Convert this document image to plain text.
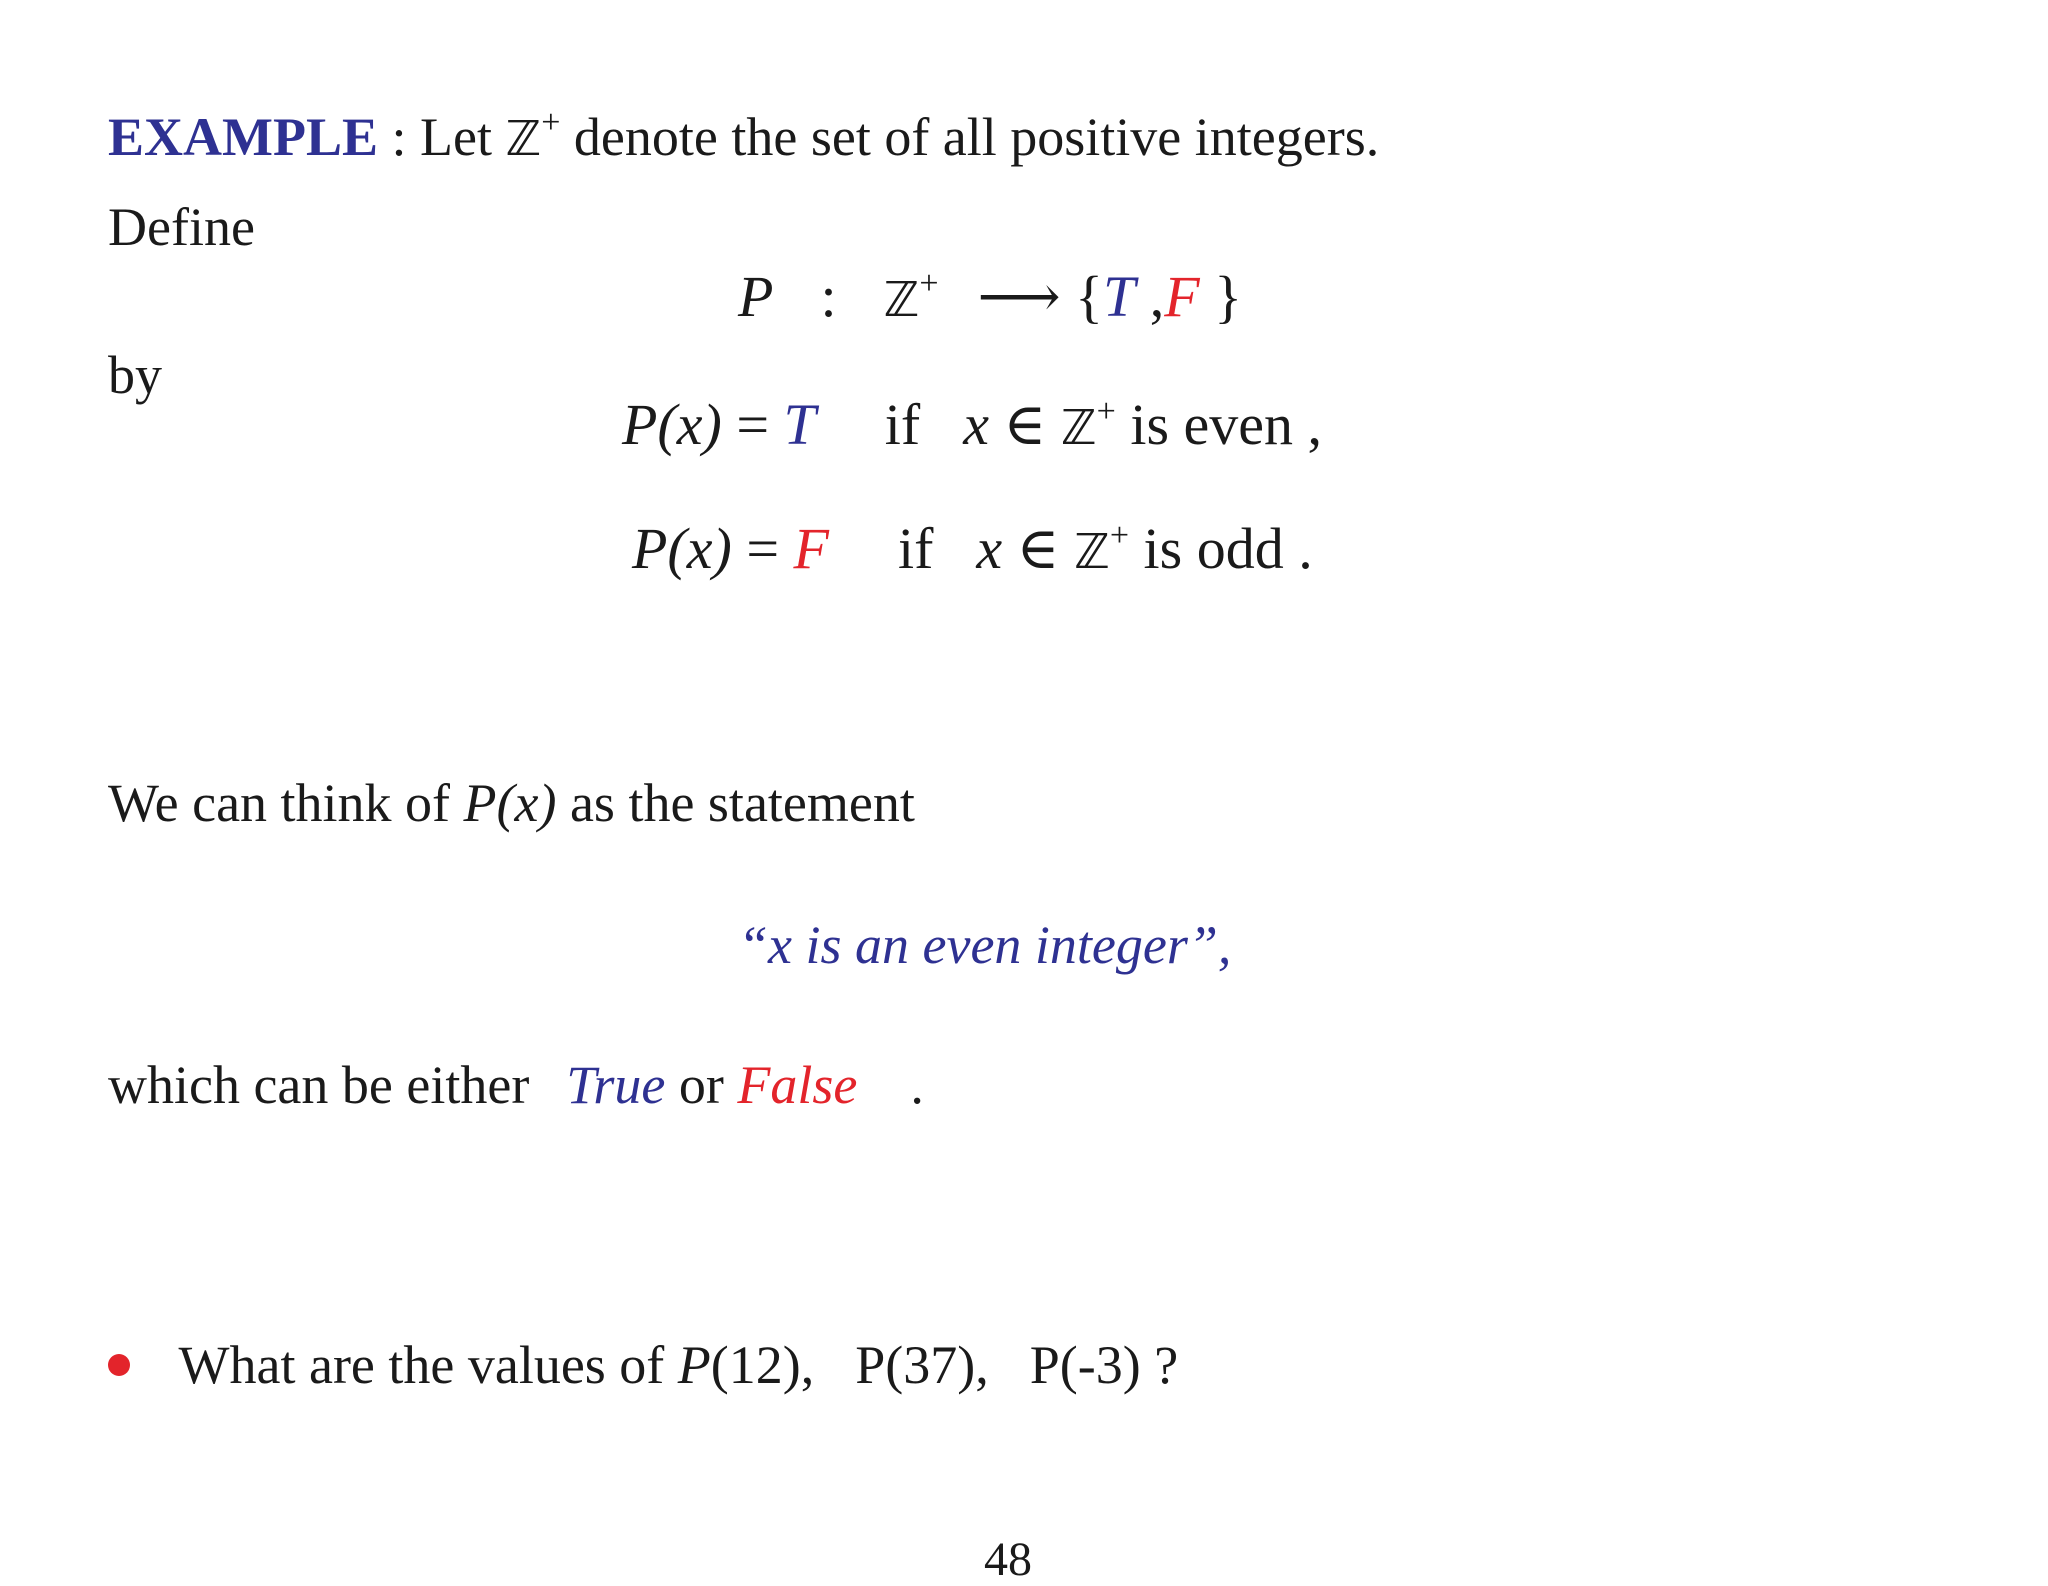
EXAMPLE : Let ℤ+ denote the set of all positive integers.
Define
P : ℤ+ ⟶ {T ,F }
by
P(x) = T if x ∈ ℤ+ is even ,
P(x) = F if x ∈ ℤ+ is odd .
We can think of P(x) as the statement
“x is an even integer”,
which can be either True or False .
What are the values of P(12), P(37), P(-3) ?
48
